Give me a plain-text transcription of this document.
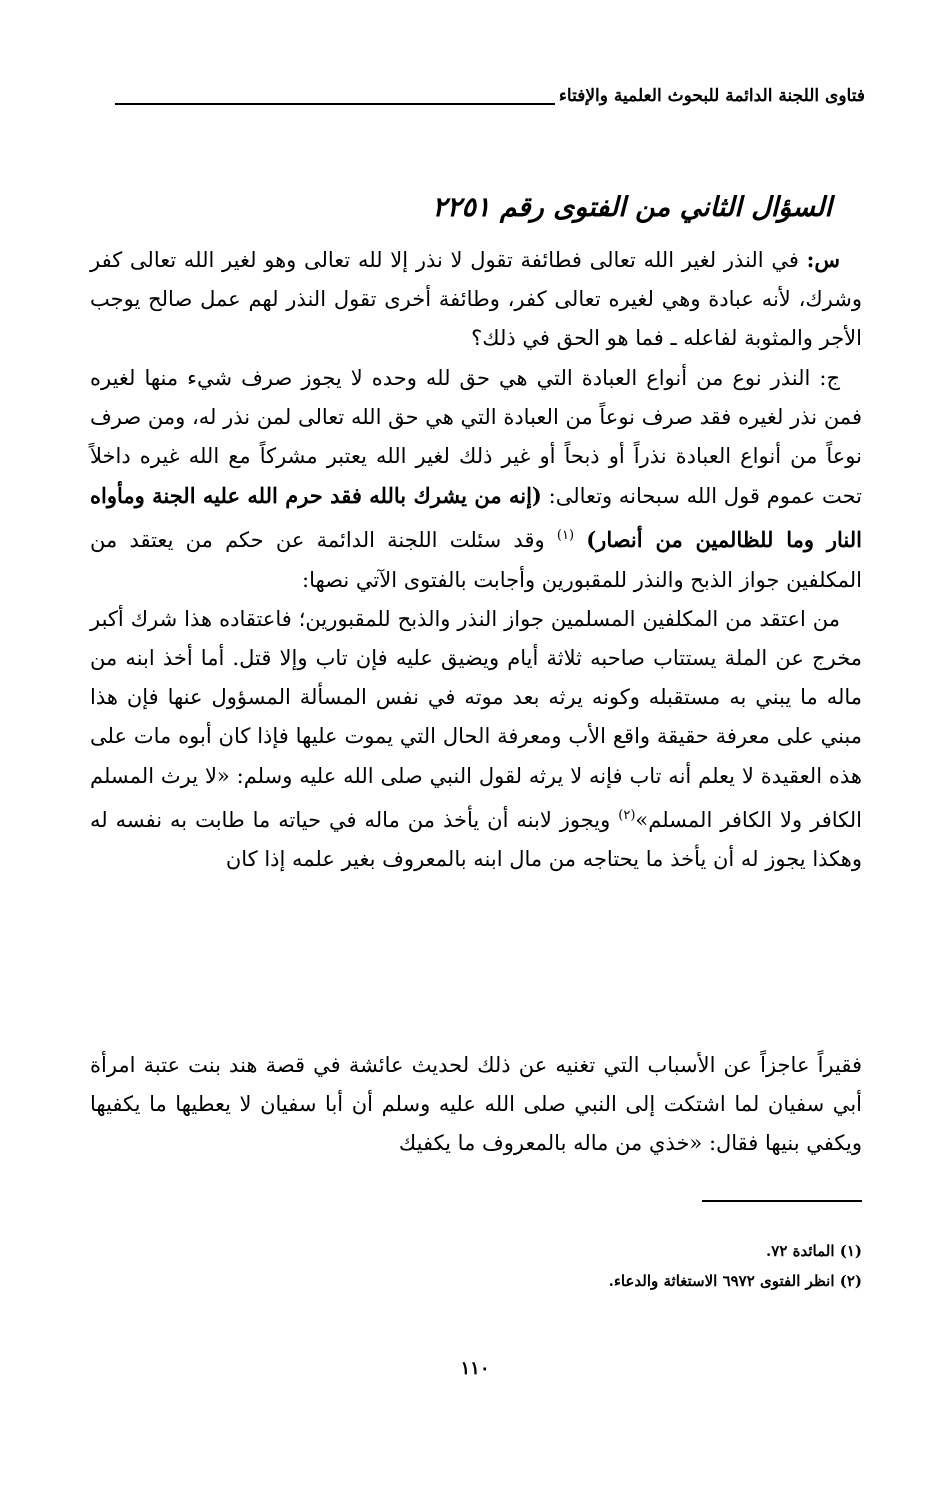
فتاوى اللجنة الدائمة للبحوث العلمية والإفتاء
السؤال الثاني من الفتوى رقم ٢٢٥١

س: في النذر لغير الله تعالى فطائفة تقول لا نذر إلا لله تعالى وهو لغير الله تعالى كفر وشرك، لأنه عبادة وهي لغيره تعالى كفر، وطائفة أخرى تقول النذر لهم عمل صالح يوجب الأجر والمثوبة لفاعله ـ فما هو الحق في ذلك؟

ج: النذر نوع من أنواع العبادة التي هي حق لله وحده لا يجوز صرف شيء منها لغيره فمن نذر لغيره فقد صرف نوعاً من العبادة التي هي حق الله تعالى لمن نذر له، ومن صرف نوعاً من أنواع العبادة نذراً أو ذبحاً أو غير ذلك لغير الله يعتبر مشركاً مع الله غيره داخلاً تحت عموم قول الله سبحانه وتعالى: (إنه من يشرك بالله فقد حرم الله عليه الجنة ومأواه النار وما للظالمين من أنصار) $^{(١)}$ وقد سئلت اللجنة الدائمة عن حكم من يعتقد من المكلفين جواز الذبح والنذر للمقبورين وأجابت بالفتوى الآتي نصها:

من اعتقد من المكلفين المسلمين جواز النذر والذبح للمقبورين؛ فاعتقاده هذا شرك أكبر مخرج عن الملة يستتاب صاحبه ثلاثة أيام ويضيق عليه فإن تاب وإلا قتل. أما أخذ ابنه من ماله ما يبني به مستقبله وكونه يرثه بعد موته في نفس المسألة المسؤول عنها فإن هذا مبني على معرفة حقيقة واقع الأب ومعرفة الحال التي يموت عليها فإذا كان أبوه مات على هذه العقيدة لا يعلم أنه تاب فإنه لا يرثه لقول النبي صلى الله عليه وسلم: «لا يرث المسلم الكافر ولا الكافر المسلم»$^{(٢)}$ ويجوز لابنه أن يأخذ من ماله في حياته ما طابت به نفسه له وهكذا يجوز له أن يأخذ ما يحتاجه من مال ابنه بالمعروف بغير علمه إذا كان

فقيراً عاجزاً عن الأسباب التي تغنيه عن ذلك لحديث عائشة في قصة هند بنت عتبة امرأة أبي سفيان لما اشتكت إلى النبي صلى الله عليه وسلم أن أبا سفيان لا يعطيها ما يكفيها ويكفي بنيها فقال: «خذي من ماله بالمعروف ما يكفيك

(١) المائدة ٧٢.
(٢) انظر الفتوى ٦٩٧٢ الاستغاثة والدعاء.
١١٠
